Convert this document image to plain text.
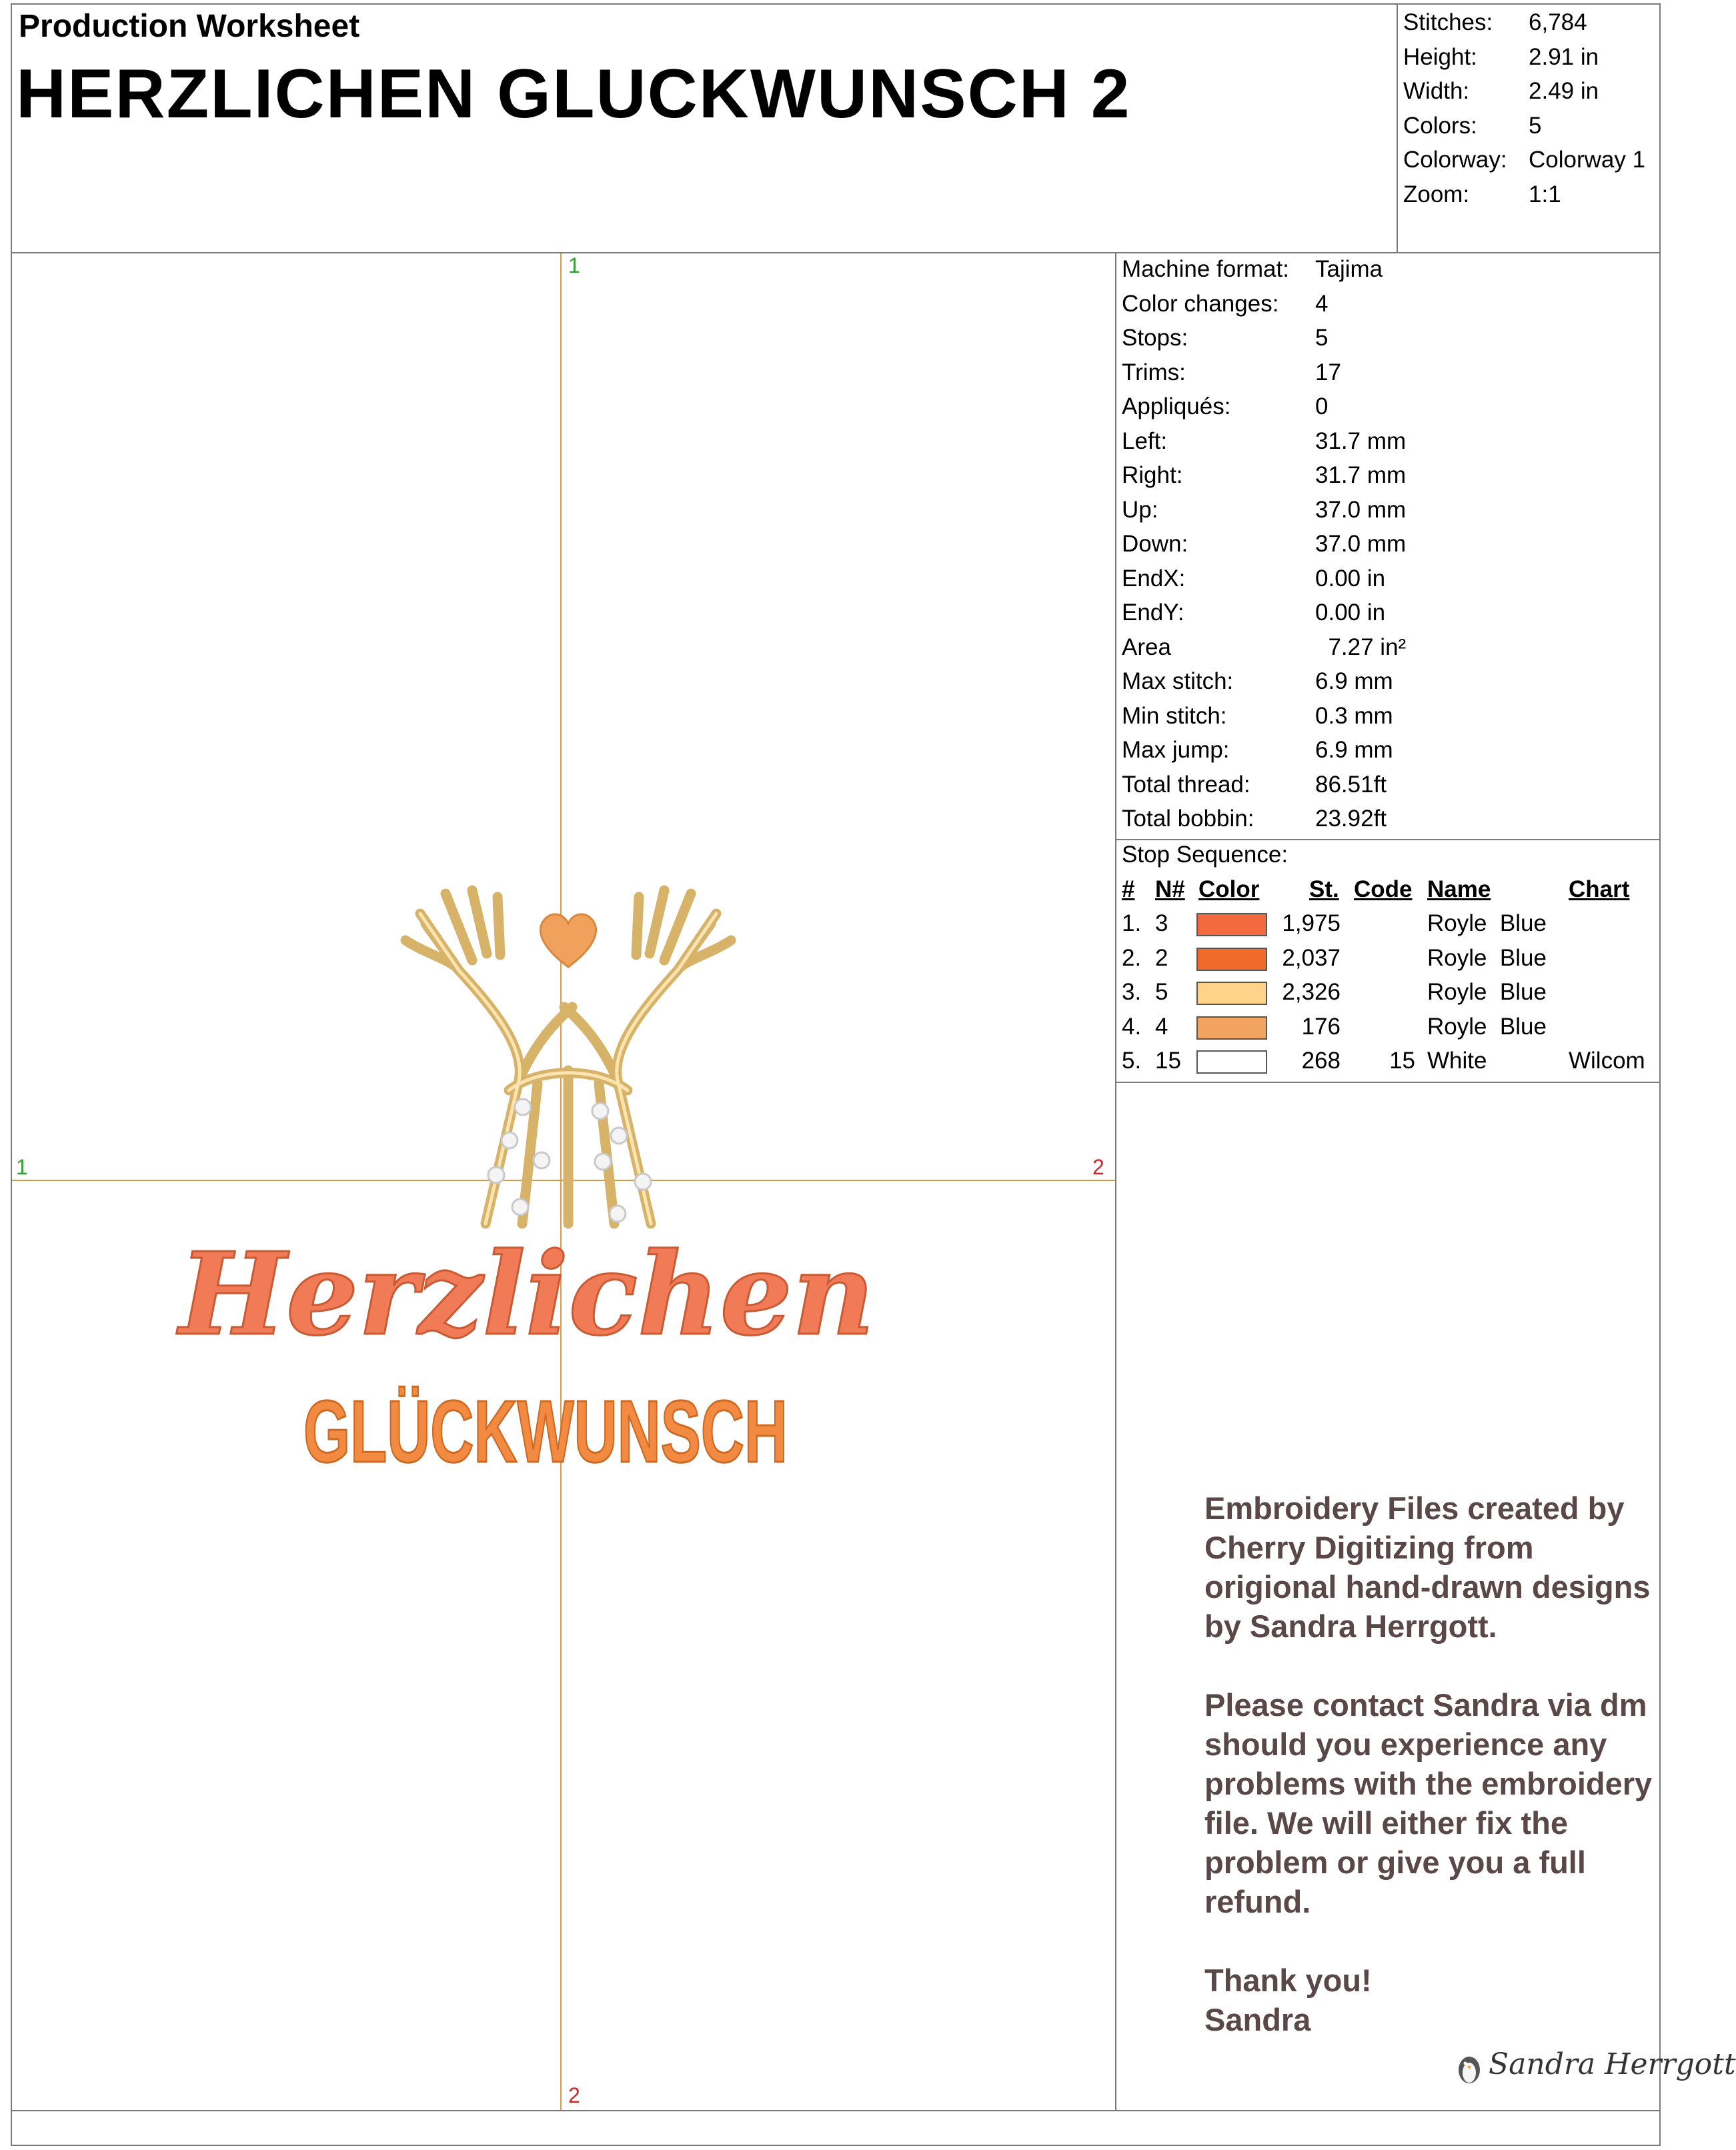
Production Worksheet
HERZLICHEN GLUCKWUNSCH 2
Stitches: 6,784
Height: 2.91 in
Width:	2.49 in
Colors: 5
Colorway: Colorway 1
Zoom:	1:1
Machine format: Tajima
Color changes: 4
Stops:	5
Trims:	17
Appliqués:	0
Left:	31.7 mm
Right:	31.7 mm
Up:	37.0 mm
Down:	37.0 mm
EndX:	0.00 in
EndY:	0.00 in
Area	7.27 in²
Max stitch:	6.9 mm
Min stitch:	0.3 mm
Max jump:	6.9 mm
Total thread:	86.51ft
Total bobbin:	23.92ft
Stop Sequence:
# N# Color St. Code Name	Chart
1. 3	1,975	Royle  Blue
2. 2	2,037	Royle  Blue
3. 5	2,326	Royle  Blue
4. 4	176	Royle  Blue
5. 15	268	15 White	Wilcom
Herzlichen
GLÜCKWUNSCH
1
1	2
2

Embroidery Files created by Cherry Digitizing from origional hand-drawn designs by Sandra Herrgott.

Please contact Sandra via dm should you experience any problems with the embroidery file. We will either fix the problem or give you a full refund.

Thank you!
Sandra
Sandra Herrgott
